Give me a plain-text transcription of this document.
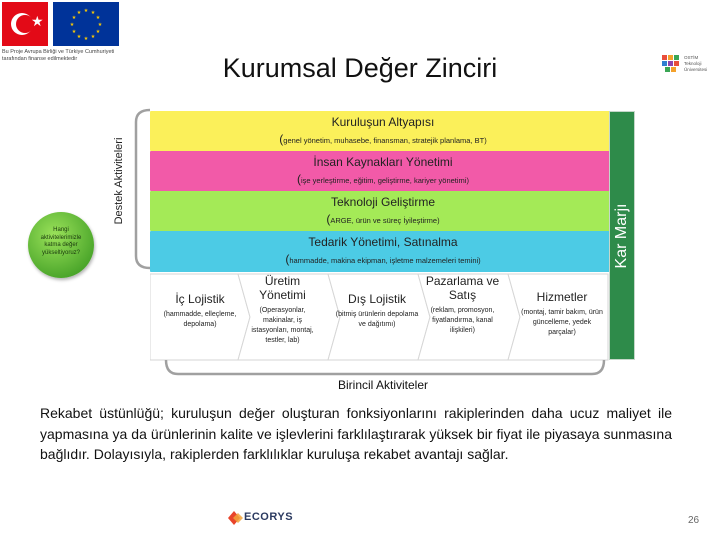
★
★ ★
★
★
★
★
★
★
★
★
★
★
Bu Proje Avrupa Birliği ve Türkiye Cumhuriyeti
tarafından finanse edilmektedir	Kurumsal Değer Zinciri	OSTİM
Teknoloji
Üniversitesi
Hangi aktivitelerimizle katma değer yükseltiyoruz?
Destek Aktiviteleri
Kuruluşun Altyapısı
(genel yönetim, muhasebe, finansman, stratejik planlama, BT)
İnsan Kaynakları Yönetimi
(işe yerleştirme, eğitim, geliştirme, kariyer yönetimi)
Teknoloji Geliştirme
(ARGE, ürün ve süreç İyileştirme)
Tedarik Yönetimi, Satınalma
(hammadde, makina ekipman, işletme malzemeleri temini)	Kar Marjı
İç Lojistik
(hammadde, elleçleme, depolama)
Üretim Yönetimi
(Operasyonlar, makinalar, iş istasyonları, montaj, testler, lab)
Dış Lojistik
(bitmiş ürünlerin depolama ve dağıtımı)
Pazarlama ve Satış
(reklam, promosyon, fiyatlandırma, kanal ilişkileri)
Hizmetler
(montaj, tamir bakım, ürün güncelleme, yedek parçalar)
Birincil Aktiviteler
Rekabet üstünlüğü; kuruluşun değer oluşturan fonksiyonlarını rakiplerinden daha ucuz maliyet ile yapmasına ya da ürünlerinin kalite ve işlevlerini farklılaştırarak yüksek bir fiyat ile piyasaya sunmasına bağlıdır. Dolayısıyla, rakiplerden farklılıklar kuruluşa rekabet avantajı sağlar.
ECORYS	26
